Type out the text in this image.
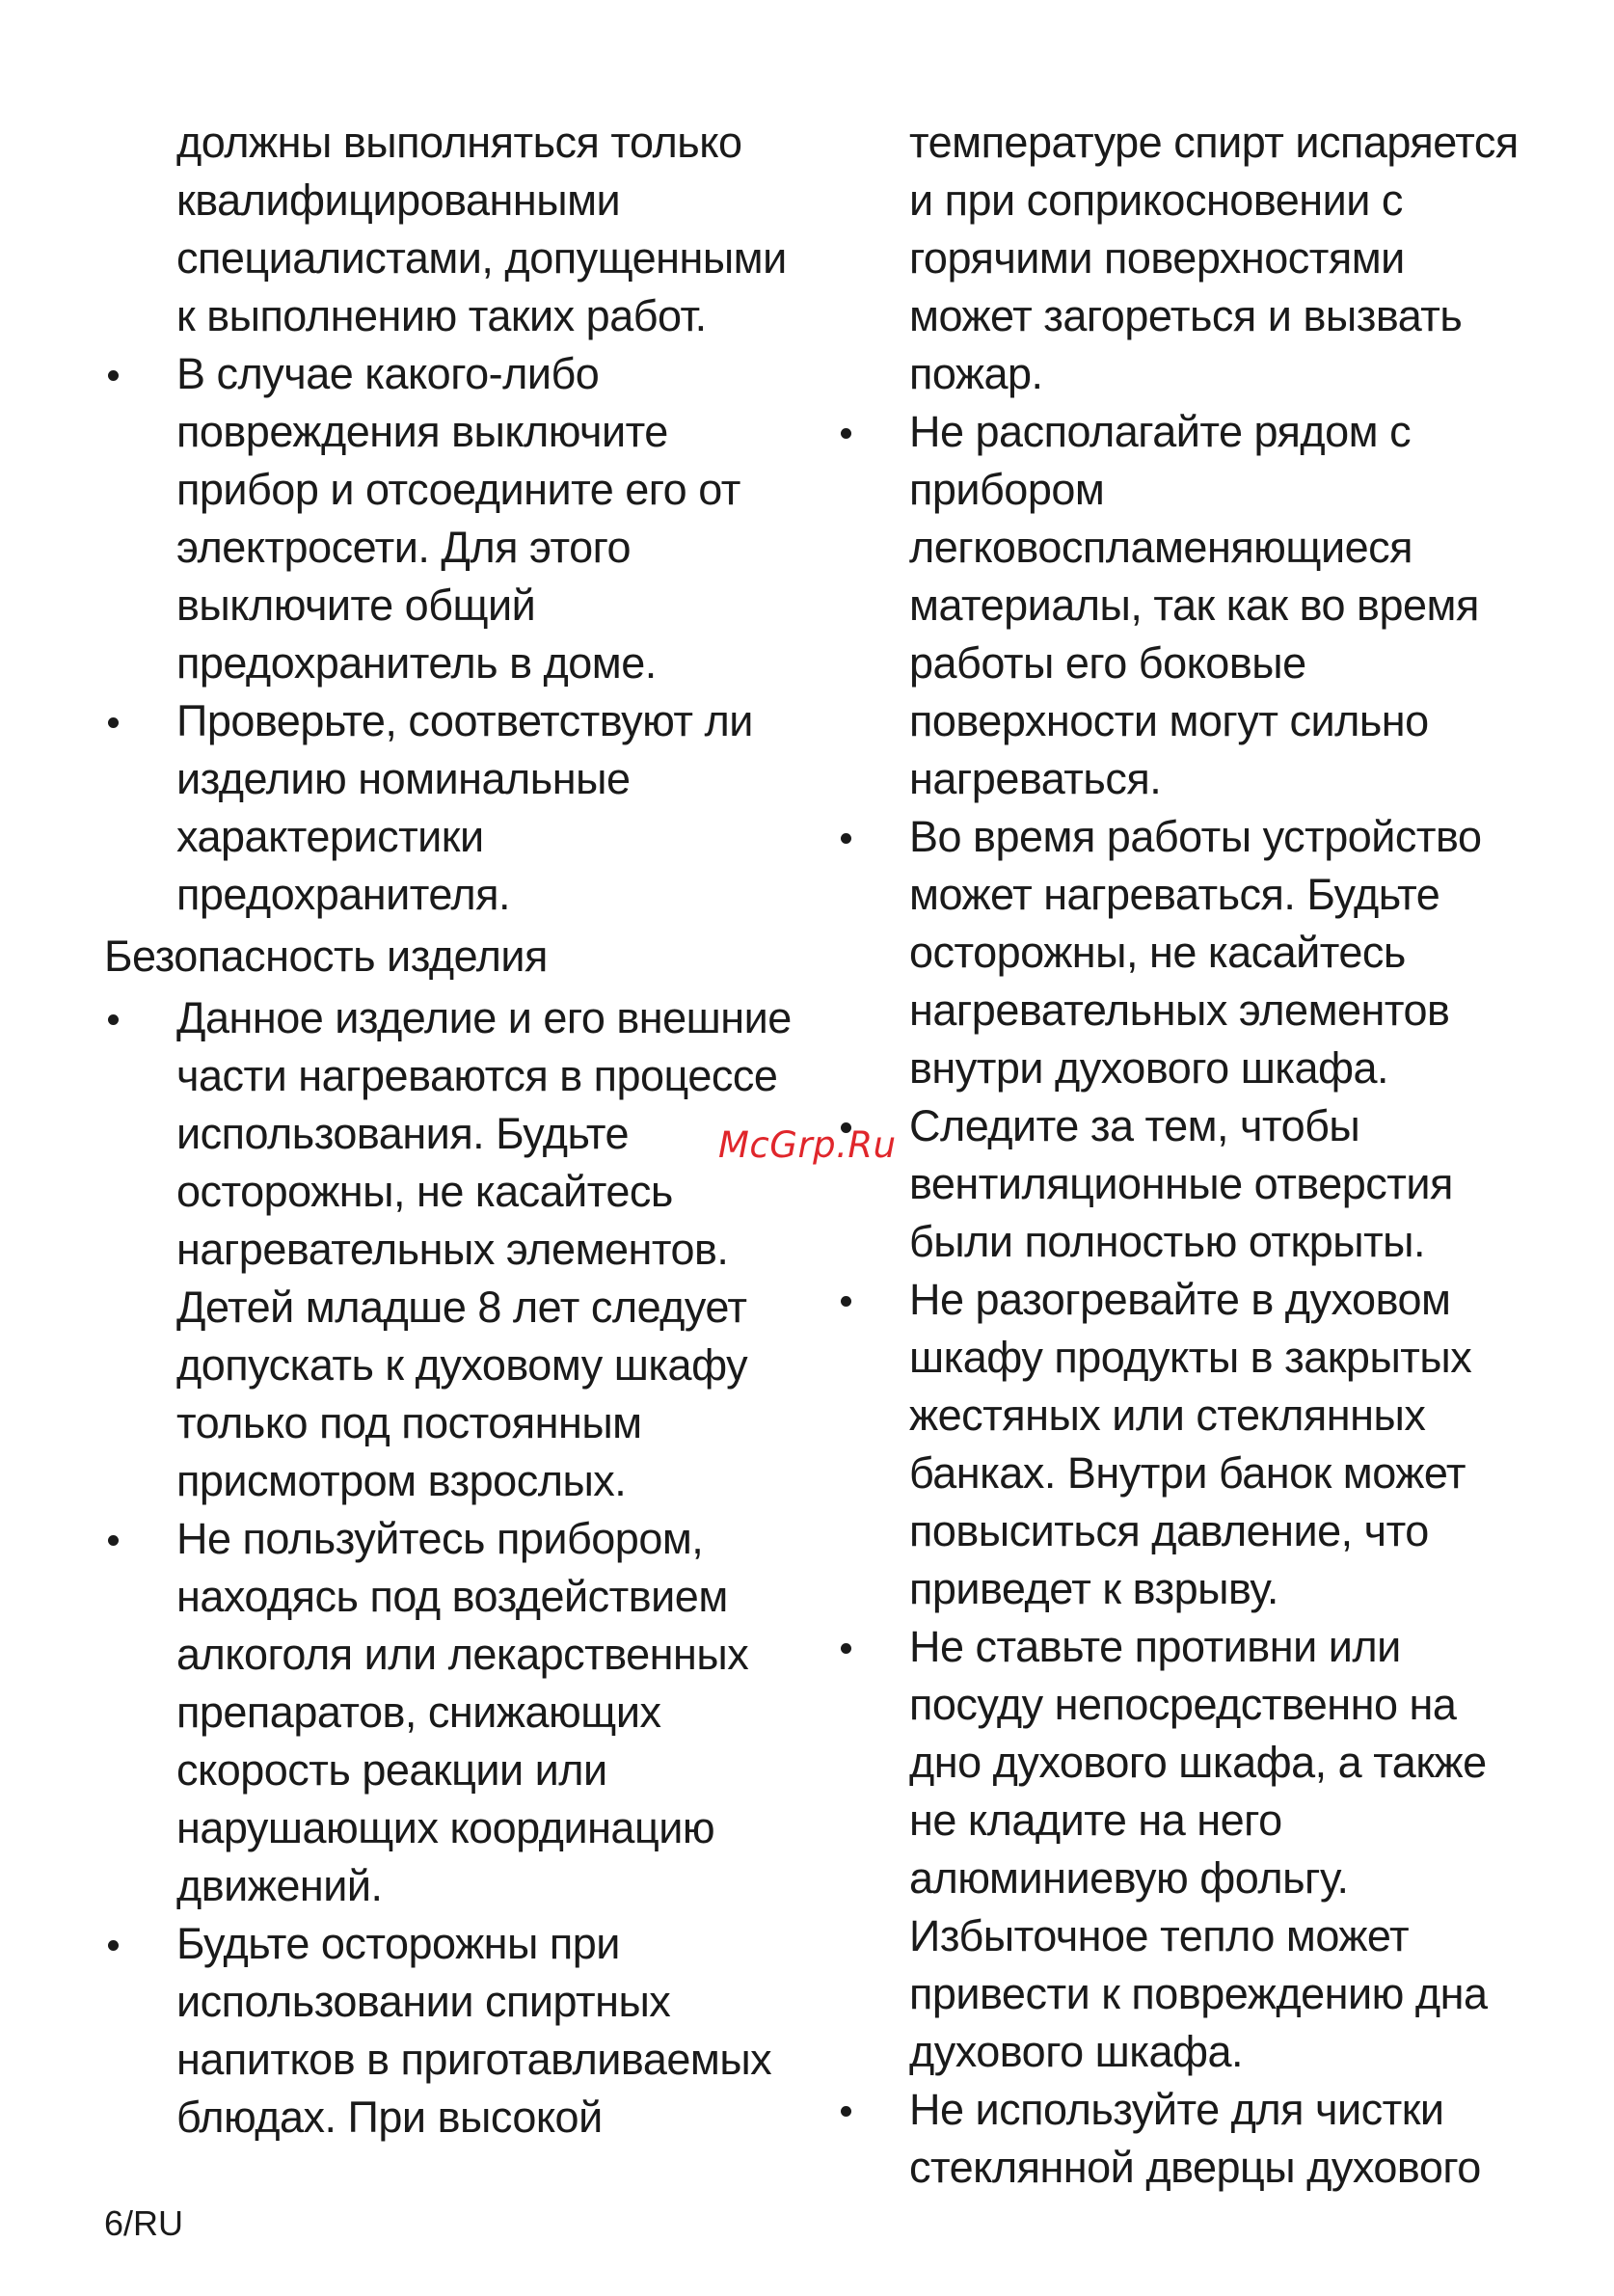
должны выполняться только
квалифицированными
специалистами, допущенными
к выполнению таких работ.

В случае какого-либо
повреждения выключите
прибор и отсоедините его от
электросети. Для этого
выключите общий
предохранитель в доме.

Проверьте, соответствуют ли
изделию номинальные
характеристики
предохранителя.

Безопасность изделия

Данное изделие и его внешние
части нагреваются в процессе
использования. Будьте
осторожны, не касайтесь
нагревательных элементов.
Детей младше 8 лет следует
допускать к духовому шкафу
только под постоянным
присмотром взрослых.

Не пользуйтесь прибором,
находясь под воздействием
алкоголя или лекарственных
препаратов, снижающих
скорость реакции или
нарушающих координацию
движений.

Будьте осторожны при
использовании спиртных
напитков в приготавливаемых
блюдах. При высокой

температуре спирт испаряется
и при соприкосновении с
горячими поверхностями
может загореться и вызвать
пожар.

Не располагайте рядом с
прибором
легковоспламеняющиеся
материалы, так как во время
работы его боковые
поверхности могут сильно
нагреваться.

Во время работы устройство
может нагреваться. Будьте
осторожны, не касайтесь
нагревательных элементов
внутри духового шкафа.

Следите за тем, чтобы
вентиляционные отверстия
были полностью открыты.

Не разогревайте в духовом
шкафу продукты в закрытых
жестяных или стеклянных
банках. Внутри банок может
повыситься давление, что
приведет к взрыву.

Не ставьте противни или
посуду непосредственно на
дно духового шкафа, а также
не кладите на него
алюминиевую фольгу.
Избыточное тепло может
привести к повреждению дна
духового шкафа.

Не используйте для чистки
стеклянной дверцы духового

McGrp.Ru
6/RU
